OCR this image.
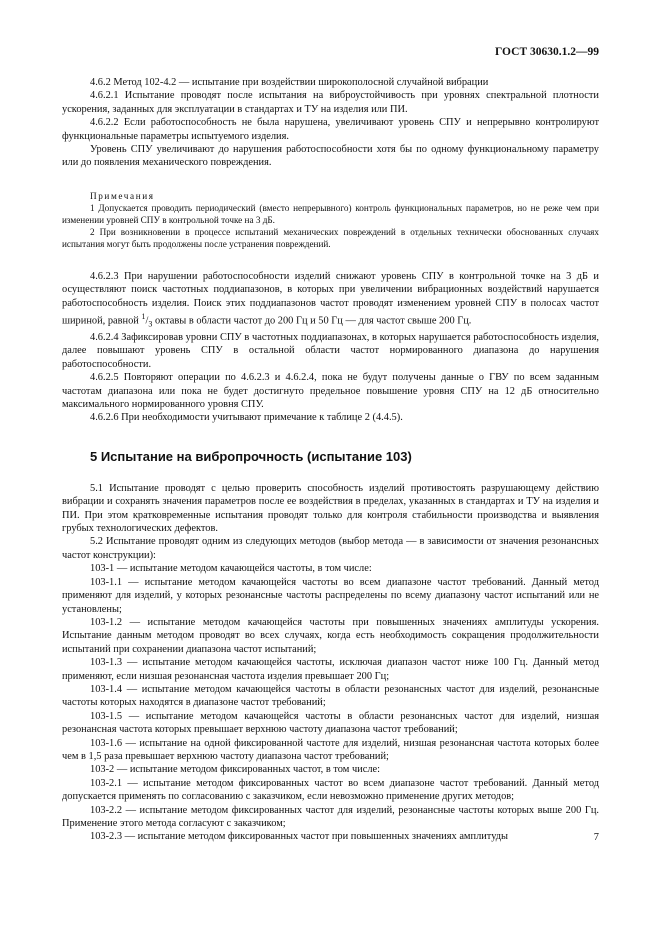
ГОСТ 30630.1.2—99

4.6.2 Метод 102-4.2 — испытание при воздействии широкополосной случайной вибрации

4.6.2.1 Испытание проводят после испытания на виброустойчивость при уровнях спектральной плотности ускорения, заданных для эксплуатации в стандартах и ТУ на изделия или ПИ.

4.6.2.2 Если работоспособность не была нарушена, увеличивают уровень СПУ и непрерывно контролируют функциональные параметры испытуемого изделия.

Уровень СПУ увеличивают до нарушения работоспособности хотя бы по одному функциональному параметру или до появления механического повреждения.

Примечания

1 Допускается проводить периодический (вместо непрерывного) контроль функциональных параметров, но не реже чем при изменении уровней СПУ в контрольной точке на 3 дБ.

2 При возникновении в процессе испытаний механических повреждений в отдельных технически обоснованных случаях испытания могут быть продолжены после устранения повреждений.

4.6.2.3 При нарушении работоспособности изделий снижают уровень СПУ в контрольной точке на 3 дБ и осуществляют поиск частотных поддиапазонов, в которых при увеличении вибрационных воздействий нарушается работоспособность изделия. Поиск этих поддиапазонов частот проводят изменением уровней СПУ в полосах частот шириной, равной $^1/_3$ октавы в области частот до 200 Гц и 50 Гц — для частот свыше 200 Гц.

4.6.2.4 Зафиксировав уровни СПУ в частотных поддиапазонах, в которых нарушается работоспособность изделия, далее повышают уровень СПУ в остальной области частот нормированного диапазона до нарушения работоспособности.

4.6.2.5 Повторяют операции по 4.6.2.3 и 4.6.2.4, пока не будут получены данные о ГВУ по всем заданным частотам диапазона или пока не будет достигнуто предельное повышение уровня СПУ на 12 дБ относительно максимального нормированного уровня СПУ.

4.6.2.6 При необходимости учитывают примечание к таблице 2 (4.4.5).

5 Испытание на вибропрочность (испытание 103)

5.1 Испытание проводят с целью проверить способность изделий противостоять разрушающему действию вибрации и сохранять значения параметров после ее воздействия в пределах, указанных в стандартах и ТУ на изделия и ПИ. При этом кратковременные испытания проводят только для контроля стабильности производства и выявления грубых технологических дефектов.

5.2 Испытание проводят одним из следующих методов (выбор метода — в зависимости от значения резонансных частот конструкции):

103-1 — испытание методом качающейся частоты, в том числе:

103-1.1 — испытание методом качающейся частоты во всем диапазоне частот требований. Данный метод применяют для изделий, у которых резонансные частоты распределены по всему диапазону частот испытаний или не установлены;

103-1.2 — испытание методом качающейся частоты при повышенных значениях амплитуды ускорения. Испытание данным методом проводят во всех случаях, когда есть необходимость сокращения продолжительности испытаний при сохранении диапазона частот испытаний;

103-1.3 — испытание методом качающейся частоты, исключая диапазон частот ниже 100 Гц. Данный метод применяют, если низшая резонансная частота изделия превышает 200 Гц;

103-1.4 — испытание методом качающейся частоты в области резонансных частот для изделий, резонансные частоты которых находятся в диапазоне частот требований;

103-1.5 — испытание методом качающейся частоты в области резонансных частот для изделий, низшая резонансная частота которых превышает верхнюю частоту диапазона частот требований;

103-1.6 — испытание на одной фиксированной частоте для изделий, низшая резонансная частота которых более чем в 1,5 раза превышает верхнюю частоту диапазона частот требований;

103-2 — испытание методом фиксированных частот, в том числе:

103-2.1 — испытание методом фиксированных частот во всем диапазоне частот требований. Данный метод допускается применять по согласованию с заказчиком, если невозможно применение других методов;

103-2.2 — испытание методом фиксированных частот для изделий, резонансные частоты которых выше 200 Гц. Применение этого метода согласуют с заказчиком;

103-2.3 — испытание методом фиксированных частот при повышенных значениях амплитуды	7
